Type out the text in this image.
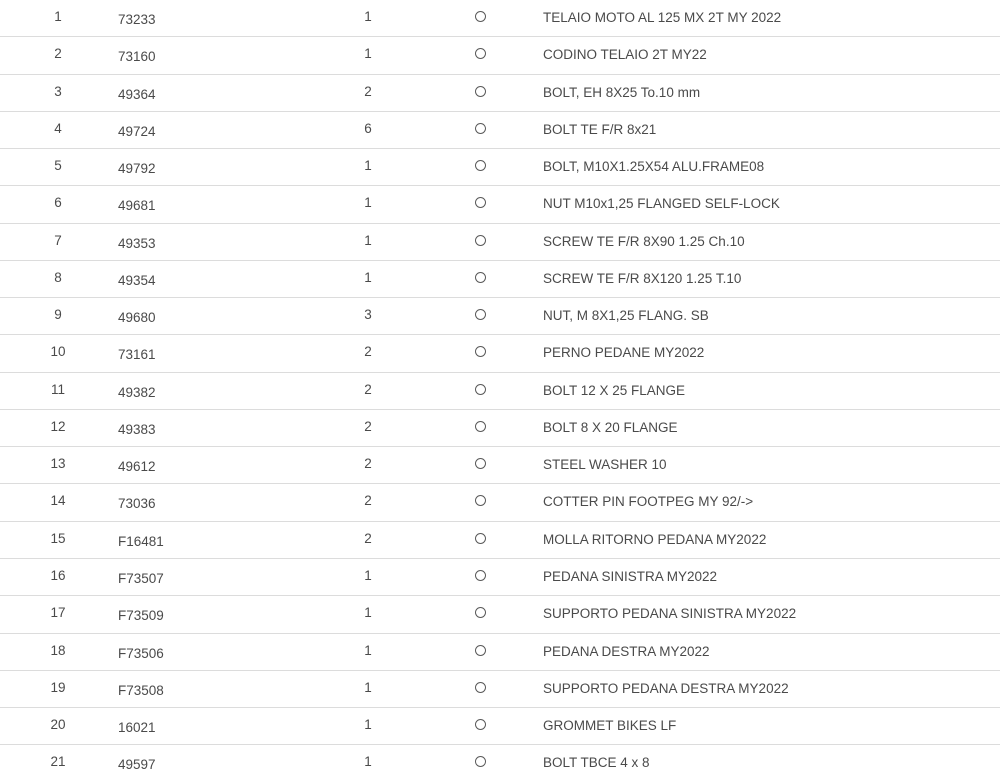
1	73233	1	TELAIO MOTO AL 125 MX 2T MY 2022
2	73160	1	CODINO TELAIO 2T MY22
3	49364	2	BOLT, EH 8X25 To.10 mm
4	49724	6	BOLT TE F/R 8x21
5	49792	1	BOLT, M10X1.25X54 ALU.FRAME08
6	49681	1	NUT M10x1,25 FLANGED SELF-LOCK
7	49353	1	SCREW TE F/R 8X90 1.25 Ch.10
8	49354	1	SCREW TE F/R 8X120 1.25 T.10
9	49680	3	NUT, M 8X1,25 FLANG. SB
10	73161	2	PERNO PEDANE MY2022
11	49382	2	BOLT 12 X 25 FLANGE
12	49383	2	BOLT 8 X 20 FLANGE
13	49612	2	STEEL WASHER 10
14	73036	2	COTTER PIN FOOTPEG MY 92/->
15	F16481	2	MOLLA RITORNO PEDANA MY2022
16	F73507	1	PEDANA SINISTRA MY2022
17	F73509	1	SUPPORTO PEDANA SINISTRA MY2022
18	F73506	1	PEDANA DESTRA MY2022
19	F73508	1	SUPPORTO PEDANA DESTRA MY2022
20	16021	1	GROMMET BIKES LF
21	49597	1	BOLT TBCE 4 x 8
